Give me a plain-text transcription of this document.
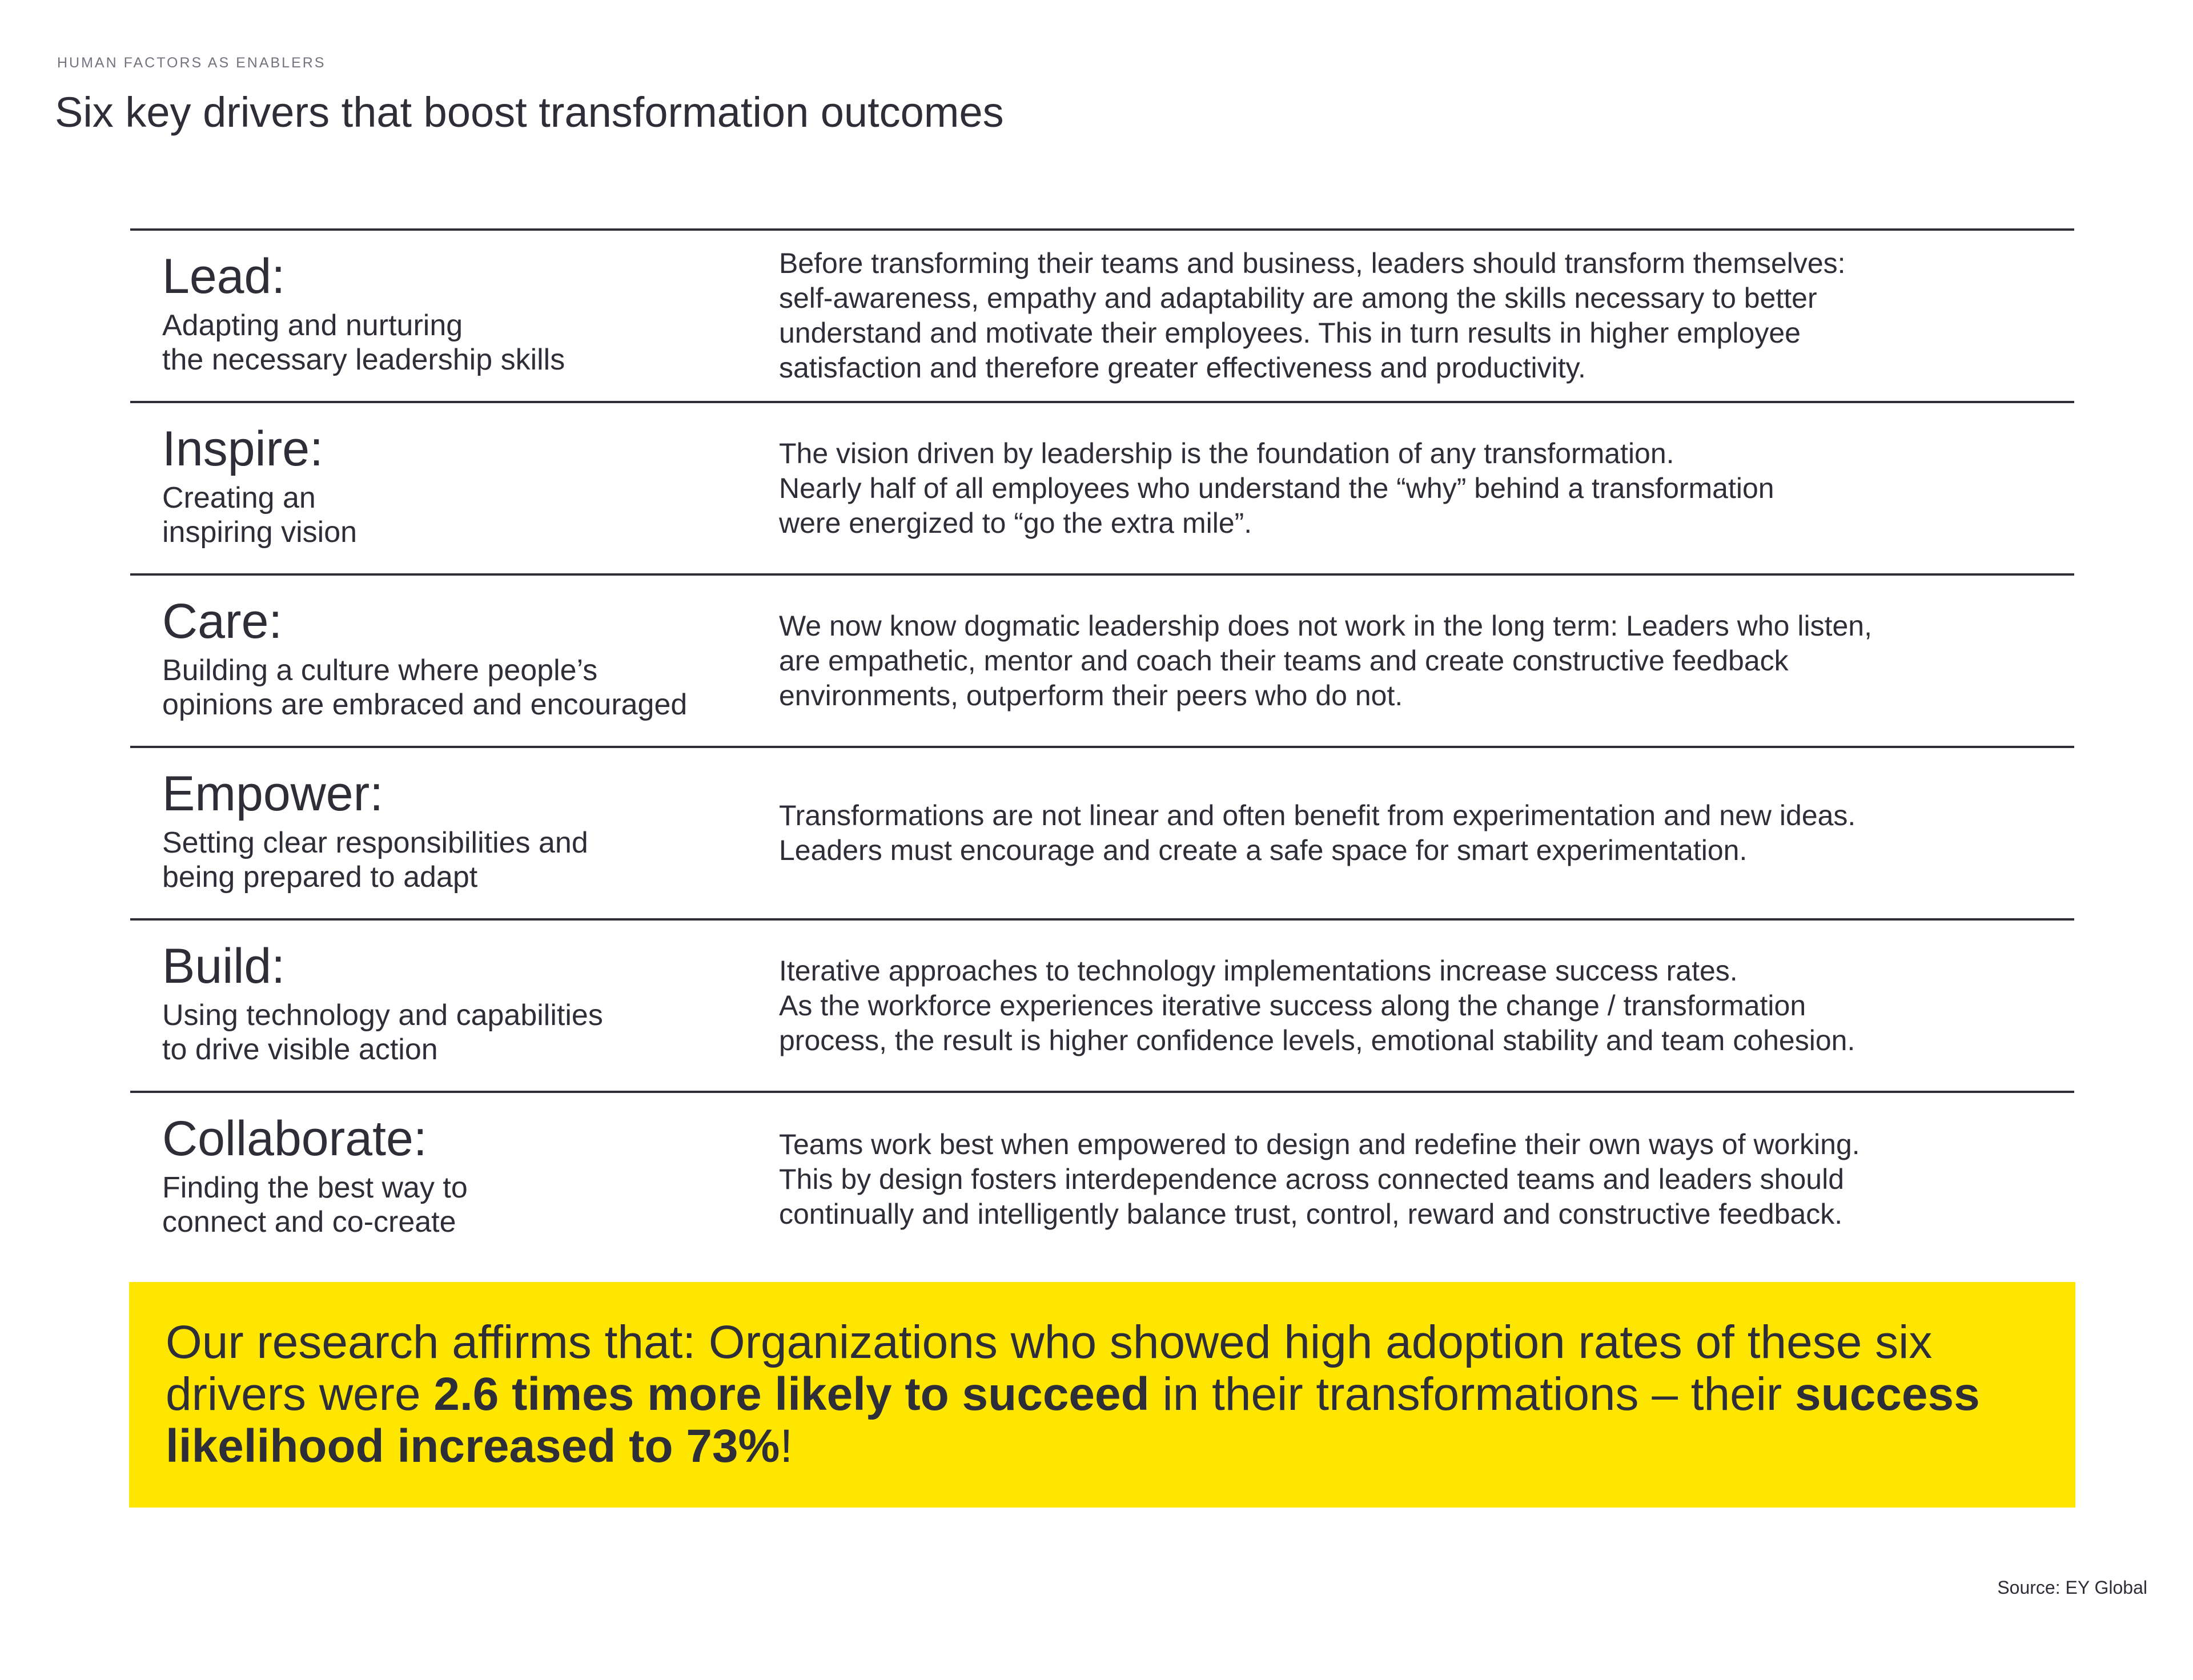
HUMAN FACTORS AS ENABLERS
Six key drivers that boost transformation outcomes
Lead:
Adapting and nurturing
the necessary leadership skills
Before transforming their teams and business, leaders should transform themselves:
self-awareness, empathy and adaptability are among the skills necessary to better
understand and motivate their employees. This in turn results in higher employee
satisfaction and therefore greater effectiveness and productivity.
Inspire:
Creating an
inspiring vision
The vision driven by leadership is the foundation of any transformation.
Nearly half of all employees who understand the “why” behind a transformation
were energized to “go the extra mile”.
Care:
Building a culture where people’s
opinions are embraced and encouraged
We now know dogmatic leadership does not work in the long term: Leaders who listen,
are empathetic, mentor and coach their teams and create constructive feedback
environments, outperform their peers who do not.
Empower:
Setting clear responsibilities and
being prepared to adapt
Transformations are not linear and often benefit from experimentation and new ideas.
Leaders must encourage and create a safe space for smart experimentation.
Build:
Using technology and capabilities
to drive visible action
Iterative approaches to technology implementations increase success rates.
As the workforce experiences iterative success along the change / transformation
process, the result is higher confidence levels, emotional stability and team cohesion.
Collaborate:
Finding the best way to
connect and co-create
Teams work best when empowered to design and redefine their own ways of working.
This by design fosters interdependence across connected teams and leaders should
continually and intelligently balance trust, control, reward and constructive feedback.
Our research affirms that: Organizations who showed high adoption rates of these six drivers were 2.6 times more likely to succeed in their transformations – their success likelihood increased to 73%!
Source: EY Global
